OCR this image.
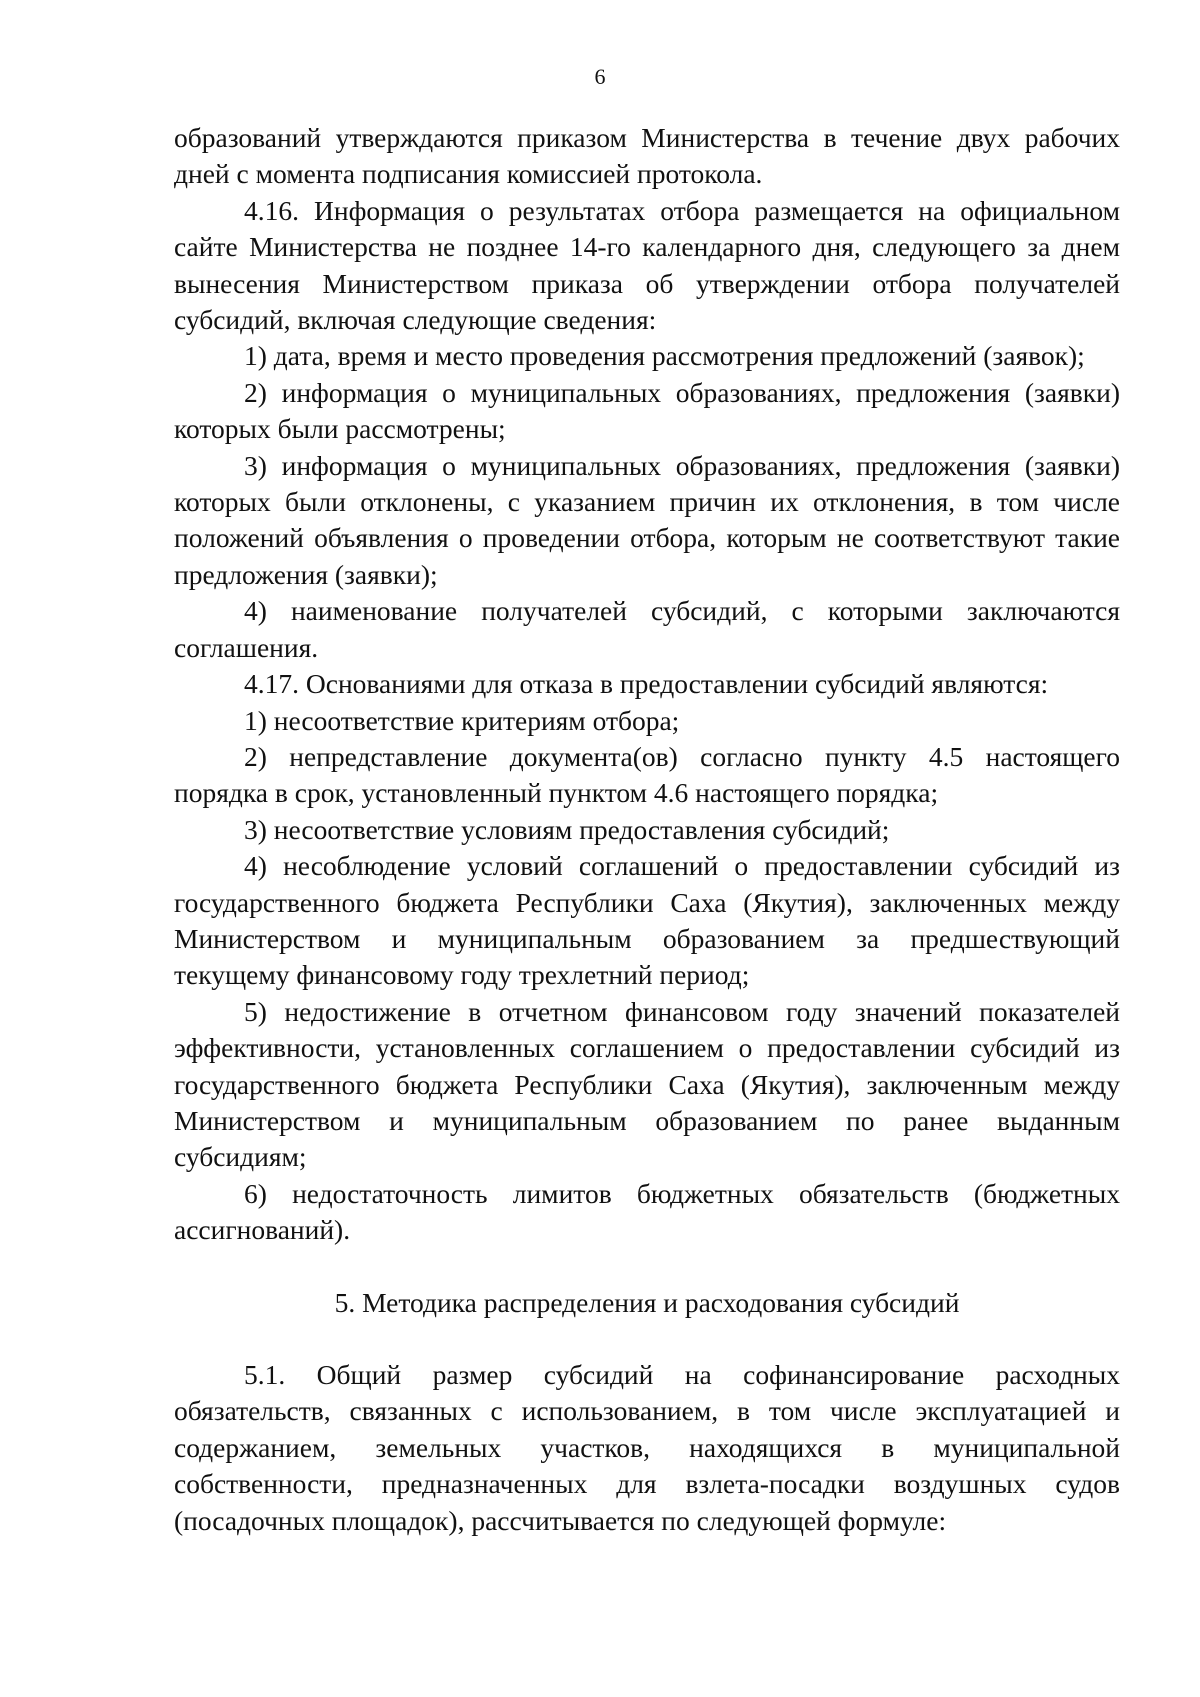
6

образований утверждаются приказом Министерства в течение двух рабочих дней с момента подписания комиссией протокола.

4.16. Информация о результатах отбора размещается на официальном сайте Министерства не позднее 14-го календарного дня, следующего за днем вынесения Министерством приказа об утверждении отбора получателей субсидий, включая следующие сведения:

1) дата, время и место проведения рассмотрения предложений (заявок);

2) информация о муниципальных образованиях, предложения (заявки) которых были рассмотрены;

3) информация о муниципальных образованиях, предложения (заявки) которых были отклонены, с указанием причин их отклонения, в том числе положений объявления о проведении отбора, которым не соответствуют такие предложения (заявки);

4) наименование получателей субсидий, с которыми заключаются соглашения.

4.17. Основаниями для отказа в предоставлении субсидий являются:

1) несоответствие критериям отбора;

2) непредставление документа(ов) согласно пункту 4.5 настоящего порядка в срок, установленный пунктом 4.6 настоящего порядка;

3) несоответствие условиям предоставления субсидий;

4) несоблюдение условий соглашений о предоставлении субсидий из государственного бюджета Республики Саха (Якутия), заключенных между Министерством и муниципальным образованием за предшествующий текущему финансовому году трехлетний период;

5) недостижение в отчетном финансовом году значений показателей эффективности, установленных соглашением о предоставлении субсидий из государственного бюджета Республики Саха (Якутия), заключенным между Министерством и муниципальным образованием по ранее выданным субсидиям;

6) недостаточность лимитов бюджетных обязательств (бюджетных ассигнований).

5. Методика распределения и расходования субсидий

5.1. Общий размер субсидий на софинансирование расходных обязательств, связанных с использованием, в том числе эксплуатацией и содержанием, земельных участков, находящихся в муниципальной собственности, предназначенных для взлета-посадки воздушных судов (посадочных площадок), рассчитывается по следующей формуле:
